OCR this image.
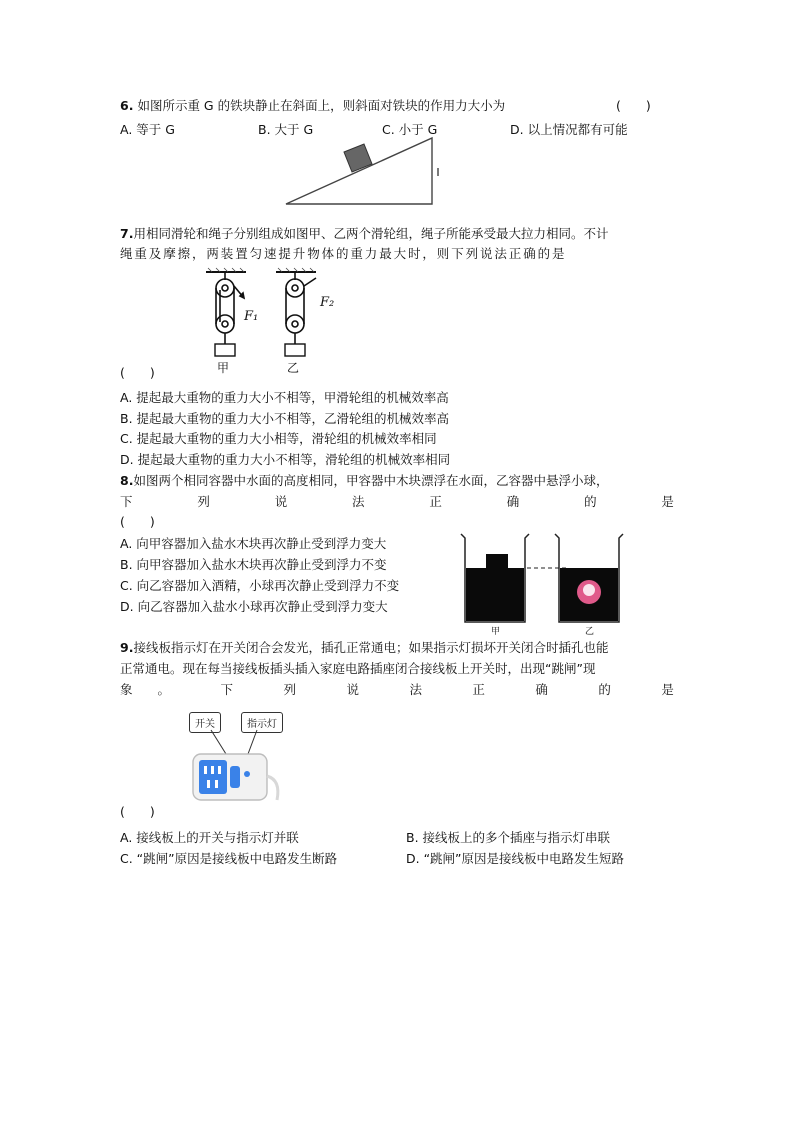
6. 如图所示重 G 的铁块静止在斜面上，则斜面对铁块的作用力大小为	(　　)
A. 等于 G	B. 大于 G	C. 小于 G	D. 以上情况都有可能
7.用相同滑轮和绳子分别组成如图甲、乙两个滑轮组，绳子所能承受最大拉力相同。不计
绳重及摩擦，两装置匀速提升物体的重力最大时，则下列说法正确的是
F₁
甲
F₂
乙
(　　)
A. 提起最大重物的重力大小不相等，甲滑轮组的机械效率高
B. 提起最大重物的重力大小不相等，乙滑轮组的机械效率高
C. 提起最大重物的重力大小相等，滑轮组的机械效率相同
D. 提起最大重物的重力大小不相等，滑轮组的机械效率相同
8.如图两个相同容器中水面的高度相同，甲容器中木块漂浮在水面，乙容器中悬浮小球，
下	列	说	法	正	确	的	是
(　　)
A. 向甲容器加入盐水木块再次静止受到浮力变大
B. 向甲容器加入盐水木块再次静止受到浮力不变
C. 向乙容器加入酒精，小球再次静止受到浮力不变
D. 向乙容器加入盐水小球再次静止受到浮力变大
甲	乙
9.接线板指示灯在开关闭合会发光，插孔正常通电；如果指示灯损坏开关闭合时插孔也能
正常通电。现在每当接线板插头插入家庭电路插座闭合接线板上开关时，出现“跳闸”现
象　　。	下	列	说	法	正	确	的	是
开关	指示灯
(　　)
A. 接线板上的开关与指示灯并联	B. 接线板上的多个插座与指示灯串联
C. “跳闸”原因是接线板中电路发生断路	D. “跳闸”原因是接线板中电路发生短路
